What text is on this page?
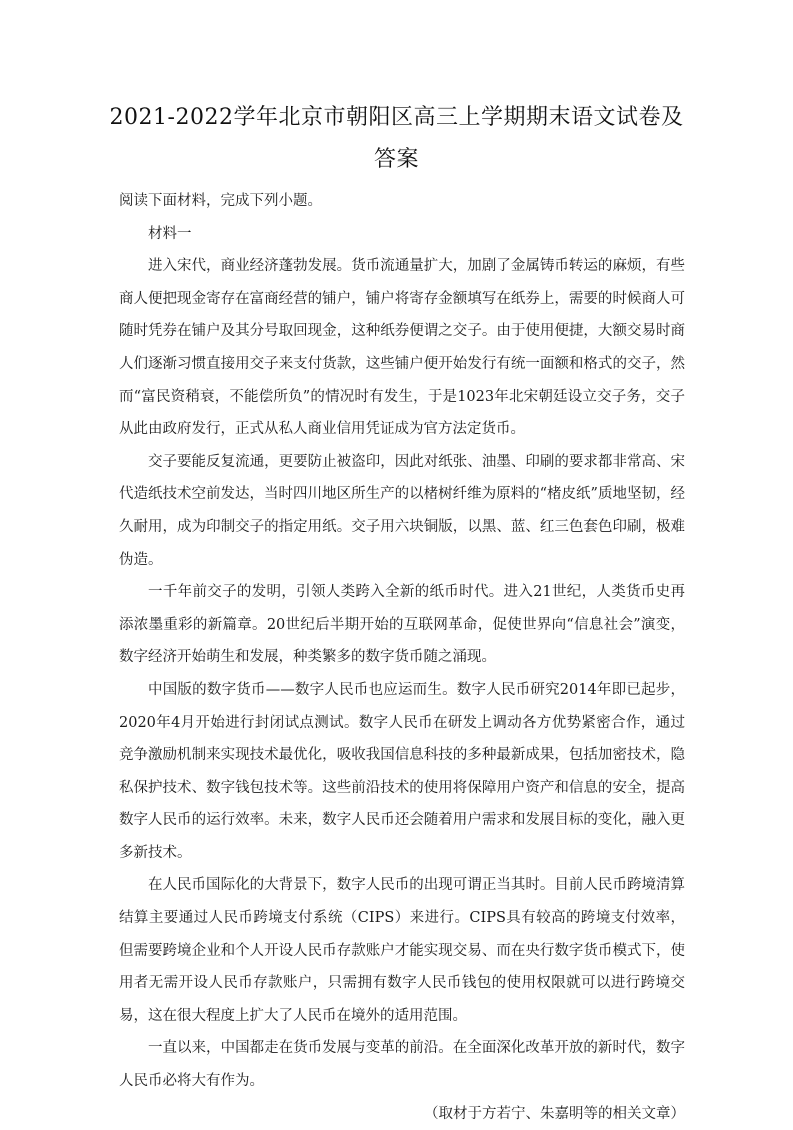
2021-2022学年北京市朝阳区高三上学期期末语文试卷及答案

阅读下面材料，完成下列小题。

材料一

进入宋代，商业经济蓬勃发展。货币流通量扩大，加剧了金属铸币转运的麻烦，有些商人便把现金寄存在富商经营的铺户，铺户将寄存金额填写在纸券上，需要的时候商人可随时凭券在铺户及其分号取回现金，这种纸券便谓之交子。由于使用便捷，大额交易时商人们逐渐习惯直接用交子来支付货款，这些铺户便开始发行有统一面额和格式的交子，然而“富民资稍衰，不能偿所负”的情况时有发生，于是1023年北宋朝廷设立交子务，交子从此由政府发行，正式从私人商业信用凭证成为官方法定货币。

交子要能反复流通，更要防止被盗印，因此对纸张、油墨、印刷的要求都非常高、宋代造纸技术空前发达，当时四川地区所生产的以楮树纤维为原料的“楮皮纸”质地坚韧，经久耐用，成为印制交子的指定用纸。交子用六块铜版，以黑、蓝、红三色套色印刷，极难伪造。

一千年前交子的发明，引领人类跨入全新的纸币时代。进入21世纪，人类货币史再添浓墨重彩的新篇章。20世纪后半期开始的互联网革命，促使世界向“信息社会”演变，数字经济开始萌生和发展，种类繁多的数字货币随之涌现。

中国版的数字货币——数字人民币也应运而生。数字人民币研究2014年即已起步，2020年4月开始进行封闭试点测试。数字人民币在研发上调动各方优势紧密合作，通过竞争激励机制来实现技术最优化，吸收我国信息科技的多种最新成果，包括加密技术，隐私保护技术、数字钱包技术等。这些前沿技术的使用将保障用户资产和信息的安全，提高数字人民币的运行效率。未来，数字人民币还会随着用户需求和发展目标的变化，融入更多新技术。

在人民币国际化的大背景下，数字人民币的出现可谓正当其时。目前人民币跨境清算结算主要通过人民币跨境支付系统（CIPS）来进行。CIPS具有较高的跨境支付效率，但需要跨境企业和个人开设人民币存款账户才能实现交易、而在央行数字货币模式下，使用者无需开设人民币存款账户，只需拥有数字人民币钱包的使用权限就可以进行跨境交易，这在很大程度上扩大了人民币在境外的适用范围。

一直以来，中国都走在货币发展与变革的前沿。在全面深化改革开放的新时代，数字人民币必将大有作为。

（取材于方若宁、朱嘉明等的相关文章）
